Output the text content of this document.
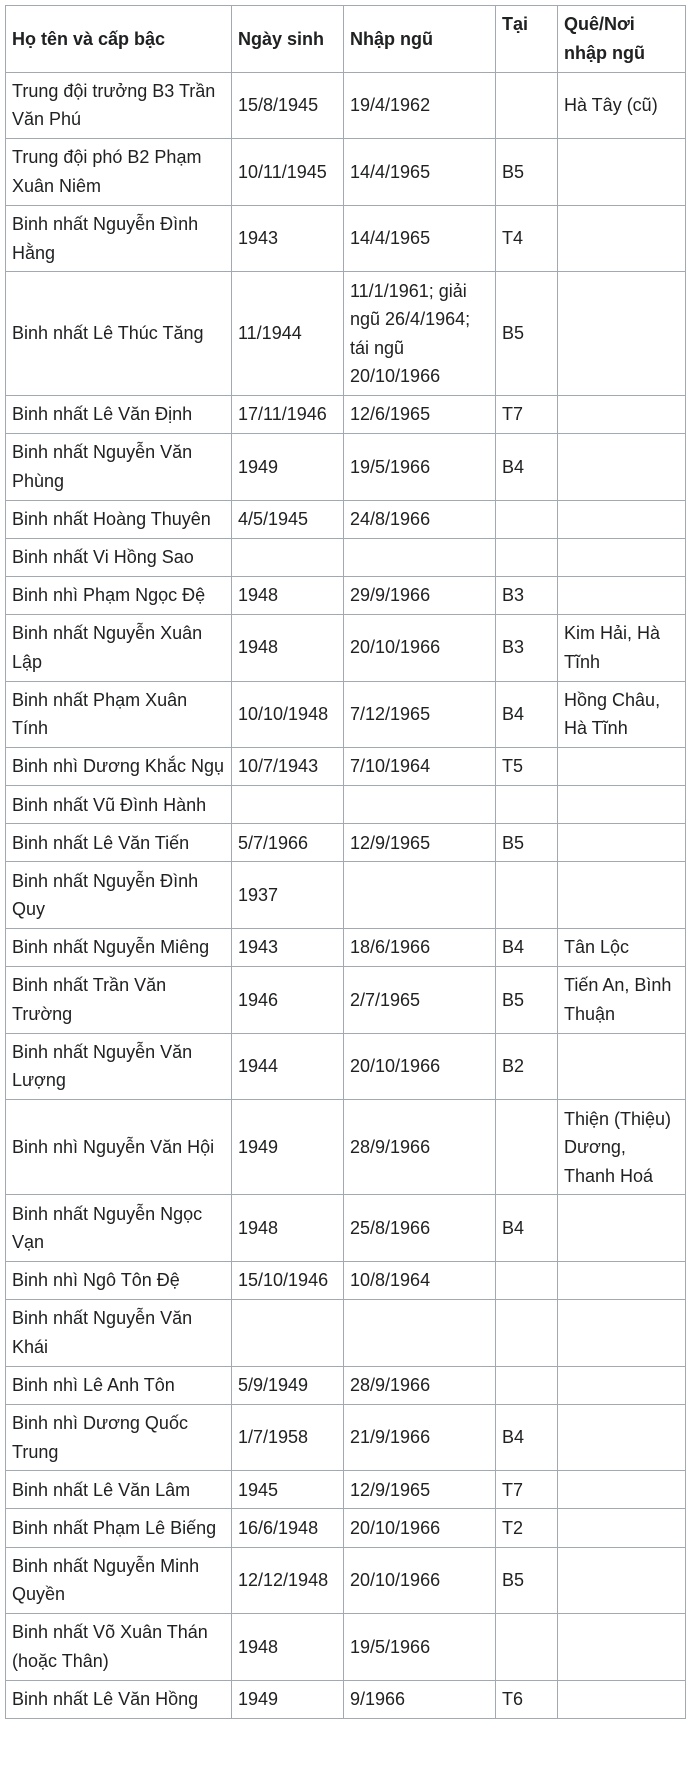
Họ tên và cấp bậc	Ngày sinh	Nhập ngũ	Tại	Quê/Nơi nhập ngũ
Trung đội trưởng B3 Trần Văn Phú	15/8/1945	19/4/1962		Hà Tây (cũ)
Trung đội phó B2 Phạm Xuân Niêm	10/11/1945	14/4/1965	B5	
Binh nhất Nguyễn Đình Hằng	1943	14/4/1965	T4	
Binh nhất Lê Thúc Tăng	11/1944	11/1/1961; giải ngũ 26/4/1964; tái ngũ 20/10/1966	B5	
Binh nhất Lê Văn Định	17/11/1946	12/6/1965	T7	
Binh nhất Nguyễn Văn Phùng	1949	19/5/1966	B4	
Binh nhất Hoàng Thuyên	4/5/1945	24/8/1966		
Binh nhất Vi Hồng Sao				
Binh nhì Phạm Ngọc Đệ	1948	29/9/1966	B3	
Binh nhất Nguyễn Xuân Lập	1948	20/10/1966	B3	Kim Hải, Hà Tĩnh
Binh nhất Phạm Xuân Tính	10/10/1948	7/12/1965	B4	Hồng Châu, Hà Tĩnh
Binh nhì Dương Khắc Ngụ	10/7/1943	7/10/1964	T5	
Binh nhất Vũ Đình Hành				
Binh nhất Lê Văn Tiến	5/7/1966	12/9/1965	B5	
Binh nhất Nguyễn Đình Quy	1937			
Binh nhất Nguyễn Miêng	1943	18/6/1966	B4	Tân Lộc
Binh nhất Trần Văn Trường	1946	2/7/1965	B5	Tiến An, Bình Thuận
Binh nhất Nguyễn Văn Lượng	1944	20/10/1966	B2	
Binh nhì Nguyễn Văn Hội	1949	28/9/1966		Thiện (Thiệu) Dương, Thanh Hoá
Binh nhất Nguyễn Ngọc Vạn	1948	25/8/1966	B4	
Binh nhì Ngô Tôn Đệ	15/10/1946	10/8/1964		
Binh nhất Nguyễn Văn Khái				
Binh nhì Lê Anh Tôn	5/9/1949	28/9/1966		
Binh nhì Dương Quốc Trung	1/7/1958	21/9/1966	B4	
Binh nhất Lê Văn Lâm	1945	12/9/1965	T7	
Binh nhất Phạm Lê Biếng	16/6/1948	20/10/1966	T2	
Binh nhất Nguyễn Minh Quyền	12/12/1948	20/10/1966	B5	
Binh nhất Võ Xuân Thán (hoặc Thân)	1948	19/5/1966		
Binh nhất Lê Văn Hồng	1949	9/1966	T6	
